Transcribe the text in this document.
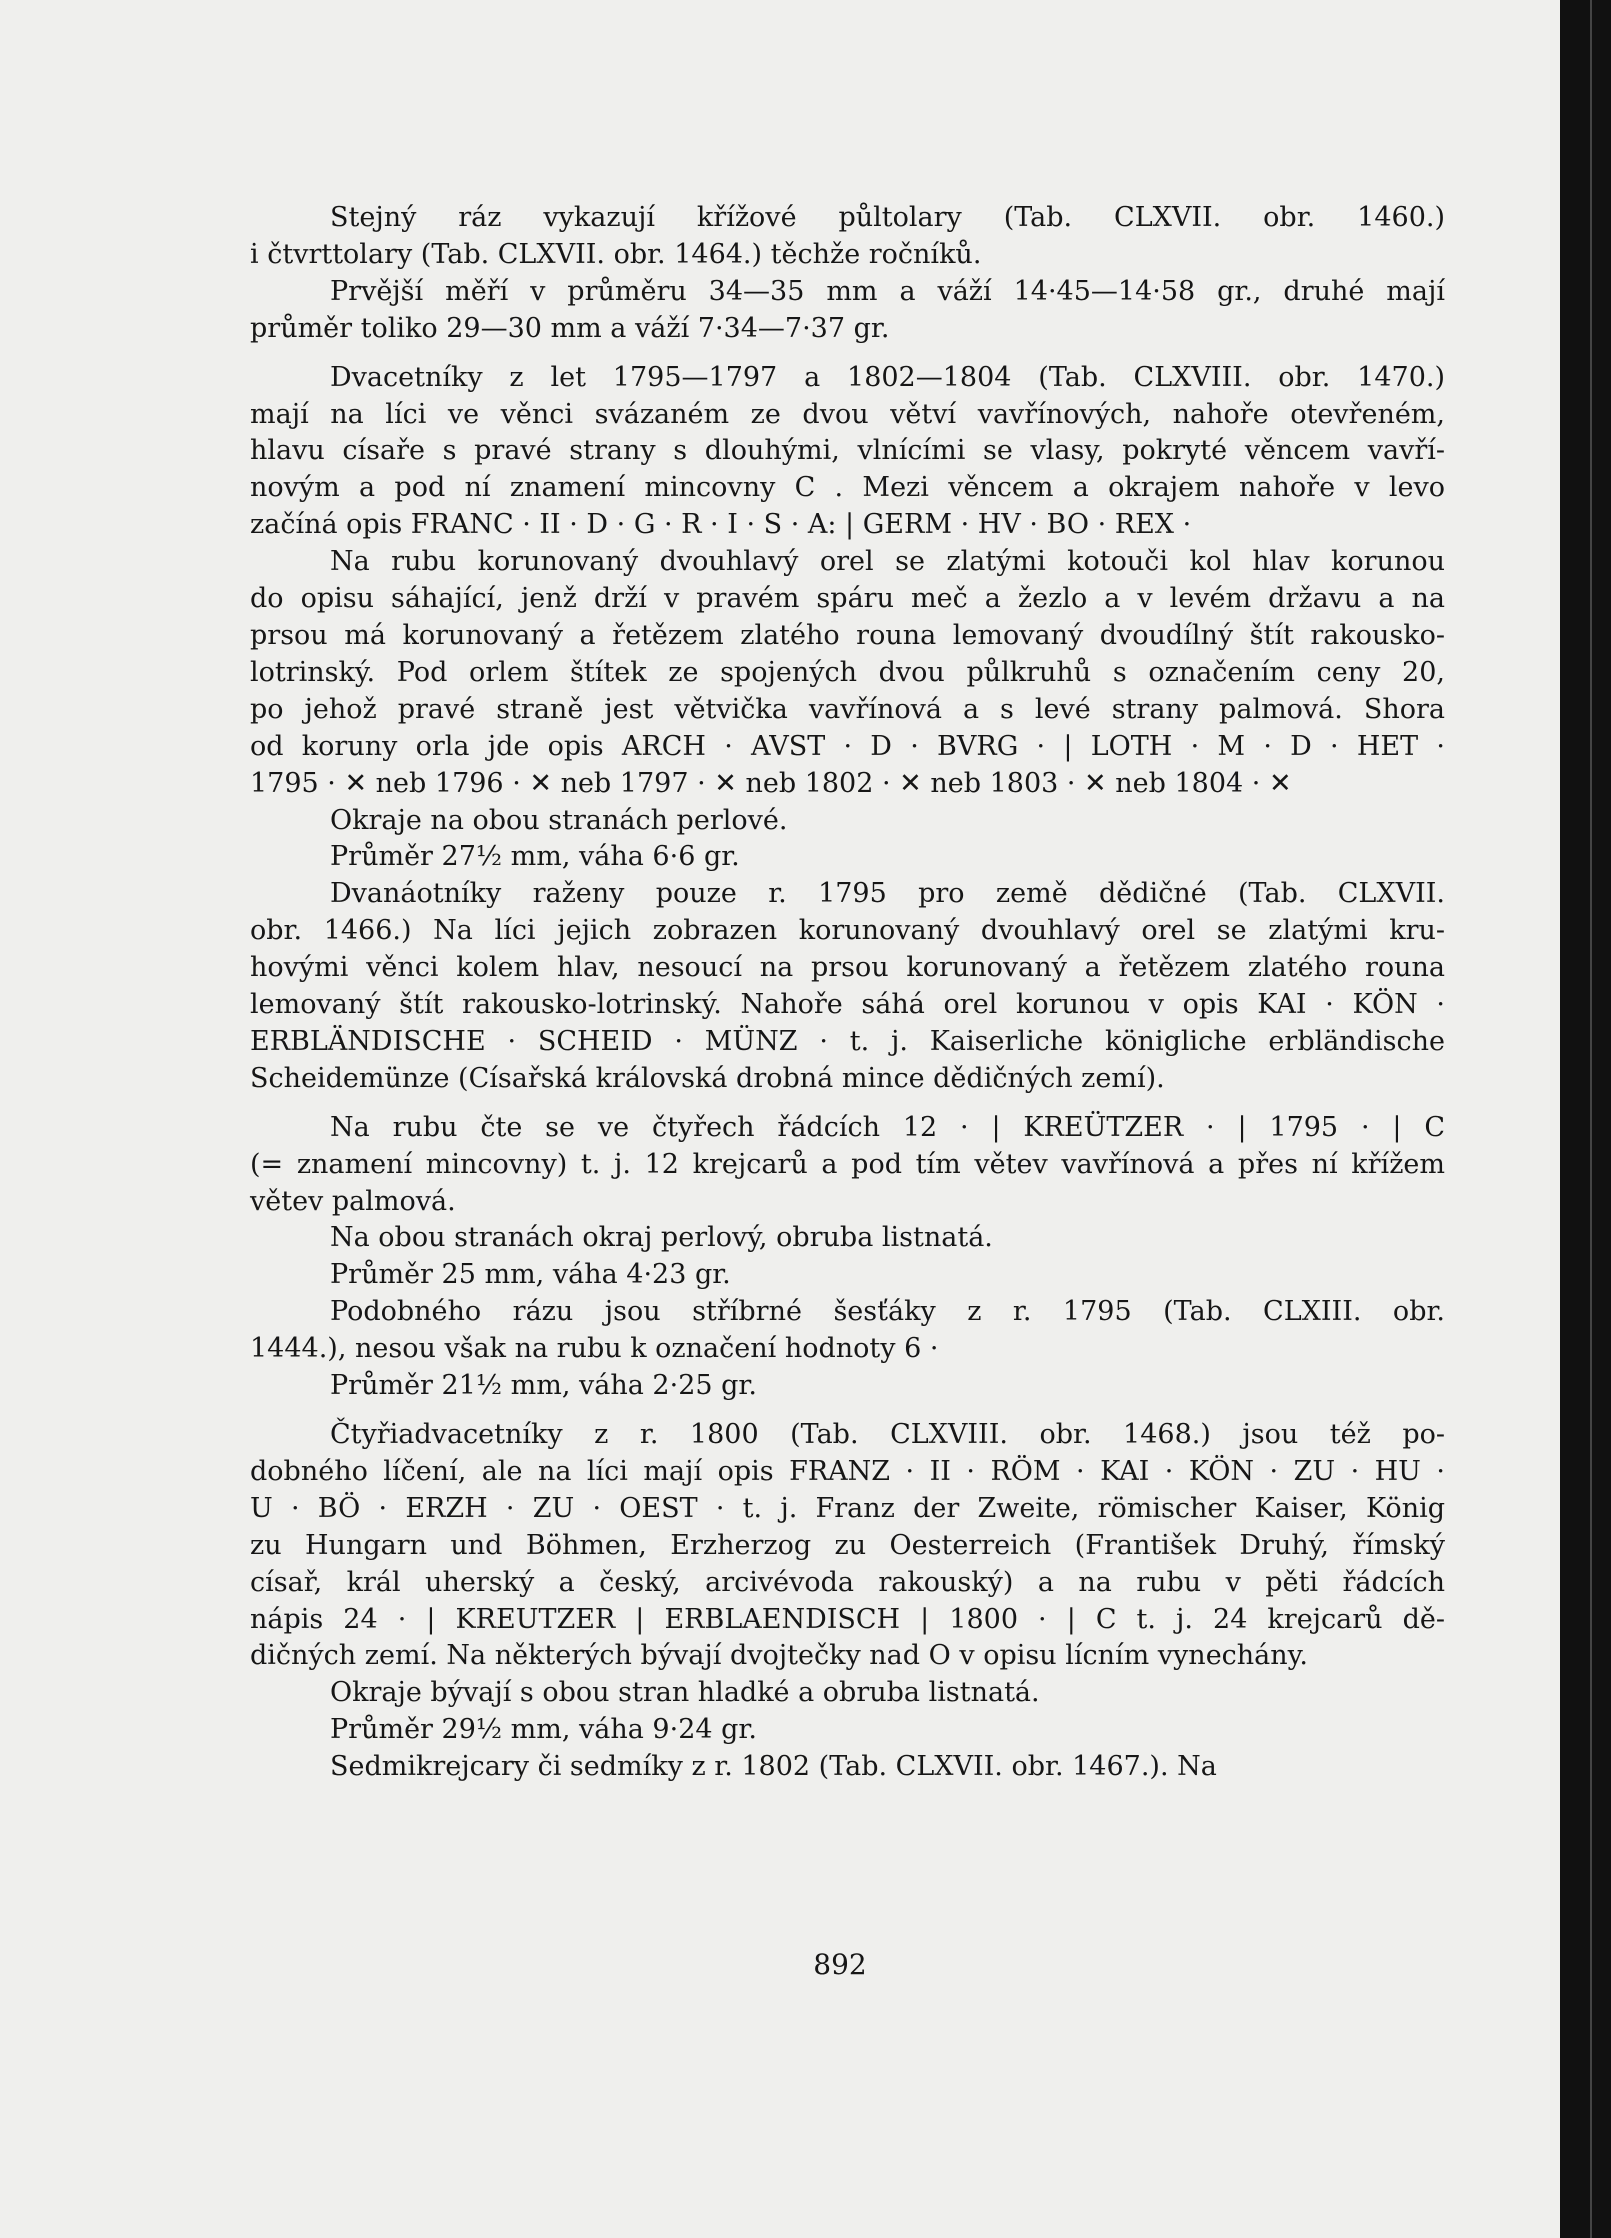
Stejný ráz vykazují křížové půltolary (Tab. CLXVII. obr. 1460.)

i čtvrttolary (Tab. CLXVII. obr. 1464.) těchže ročníků.

Prvější měří v průměru 34—35 mm a váží 14·45—14·58 gr., druhé mají

průměr toliko 29—30 mm a váží 7·34—7·37 gr.

Dvacetníky z let 1795—1797 a 1802—1804 (Tab. CLXVIII. obr. 1470.)

mají na líci ve věnci svázaném ze dvou větví vavřínových, nahoře otevřeném,

hlavu císaře s pravé strany s dlouhými, vlnícími se vlasy, pokryté věncem vavří-

novým a pod ní znamení mincovny C . Mezi věncem a okrajem nahoře v levo

začíná opis FRANC · II · D · G · R · I · S · A: | GERM · HV · BO · REX ·

Na rubu korunovaný dvouhlavý orel se zlatými kotouči kol hlav korunou

do opisu sáhající, jenž drží v pravém spáru meč a žezlo a v levém državu a na

prsou má korunovaný a řetězem zlatého rouna lemovaný dvoudílný štít rakousko-

lotrinský. Pod orlem štítek ze spojených dvou půlkruhů s označením ceny 20,

po jehož pravé straně jest větvička vavřínová a s levé strany palmová. Shora

od koruny orla jde opis ARCH · AVST · D · BVRG · | LOTH · M · D · HET ·

1795 · ✕ neb 1796 · ✕ neb 1797 · ✕ neb 1802 · ✕ neb 1803 · ✕ neb 1804 · ✕

Okraje na obou stranách perlové.

Průměr 27½ mm, váha 6·6 gr.

Dvanáotníky raženy pouze r. 1795 pro země dědičné (Tab. CLXVII.

obr. 1466.) Na líci jejich zobrazen korunovaný dvouhlavý orel se zlatými kru-

hovými věnci kolem hlav, nesoucí na prsou korunovaný a řetězem zlatého rouna

lemovaný štít rakousko-lotrinský. Nahoře sáhá orel korunou v opis KAI · KÖN ·

ERBLÄNDISCHE · SCHEID · MÜNZ · t. j. Kaiserliche königliche erbländische

Scheidemünze (Císařská královská drobná mince dědičných zemí).

Na rubu čte se ve čtyřech řádcích 12 · | KREÜTZER · | 1795 · | C

(= znamení mincovny) t. j. 12 krejcarů a pod tím větev vavřínová a přes ní křížem

větev palmová.

Na obou stranách okraj perlový, obruba listnatá.

Průměr 25 mm, váha 4·23 gr.

Podobného rázu jsou stříbrné šesťáky z r. 1795 (Tab. CLXIII. obr.

1444.), nesou však na rubu k označení hodnoty 6 ·

Průměr 21½ mm, váha 2·25 gr.

Čtyřiadvacetníky z r. 1800 (Tab. CLXVIII. obr. 1468.) jsou též po-

dobného líčení, ale na líci mají opis FRANZ · II · RÖM · KAI · KÖN · ZU · HU ·

U · BÖ · ERZH · ZU · OEST · t. j. Franz der Zweite, römischer Kaiser, König

zu Hungarn und Böhmen, Erzherzog zu Oesterreich (František Druhý, římský

císař, král uherský a český, arcivévoda rakouský) a na rubu v pěti řádcích

nápis 24 · | KREUTZER | ERBLAENDISCH | 1800 · | C t. j. 24 krejcarů dě-

dičných zemí. Na některých bývají dvojtečky nad O v opisu lícním vynechány.

Okraje bývají s obou stran hladké a obruba listnatá.

Průměr 29½ mm, váha 9·24 gr.

Sedmikrejcary či sedmíky z r. 1802 (Tab. CLXVII. obr. 1467.). Na

892
